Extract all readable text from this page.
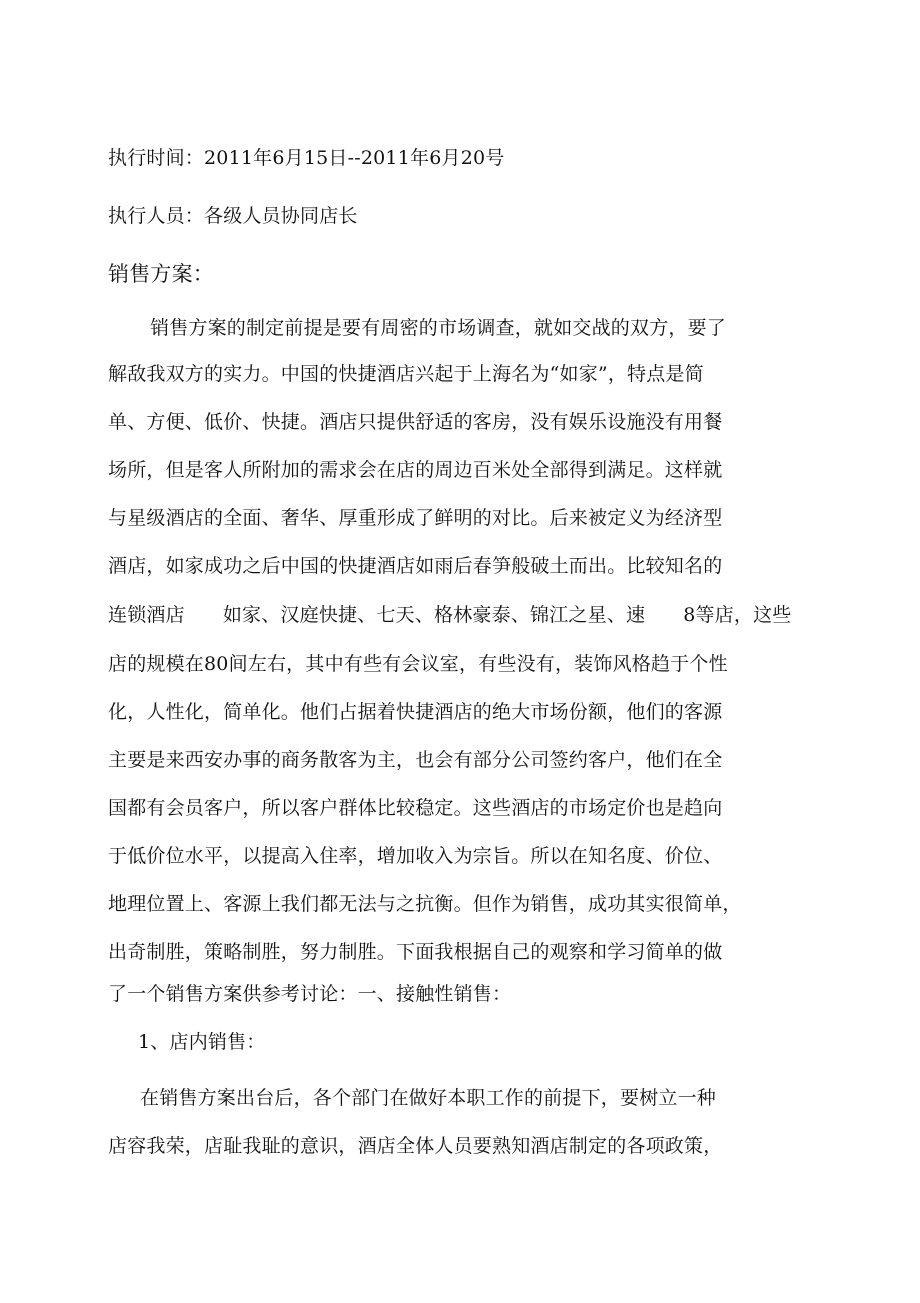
执行时间：2011年6月15日--2011年6月20号
执行人员：各级人员协同店长
销售方案：
销售方案的制定前提是要有周密的市场调查，就如交战的双方，要了
解敌我双方的实力。中国的快捷酒店兴起于上海名为“如家”，特点是简
单、方便、低价、快捷。酒店只提供舒适的客房，没有娱乐设施没有用餐
场所，但是客人所附加的需求会在店的周边百米处全部得到满足。这样就
与星级酒店的全面、奢华、厚重形成了鲜明的对比。后来被定义为经济型
酒店，如家成功之后中国的快捷酒店如雨后春笋般破土而出。比较知名的
连锁酒店 如家、汉庭快捷、七天、格林豪泰、锦江之星、速 8等店，这些
店的规模在80间左右，其中有些有会议室，有些没有，装饰风格趋于个性
化，人性化，简单化。他们占据着快捷酒店的绝大市场份额，他们的客源
主要是来西安办事的商务散客为主，也会有部分公司签约客户，他们在全
国都有会员客户，所以客户群体比较稳定。这些酒店的市场定价也是趋向
于低价位水平，以提高入住率，增加收入为宗旨。所以在知名度、价位、
地理位置上、客源上我们都无法与之抗衡。但作为销售，成功其实很简单，
出奇制胜，策略制胜，努力制胜。下面我根据自己的观察和学习简单的做
了一个销售方案供参考讨论：一、接触性销售：
1、店内销售：
在销售方案出台后，各个部门在做好本职工作的前提下，要树立一种
店容我荣，店耻我耻的意识，酒店全体人员要熟知酒店制定的各项政策，
